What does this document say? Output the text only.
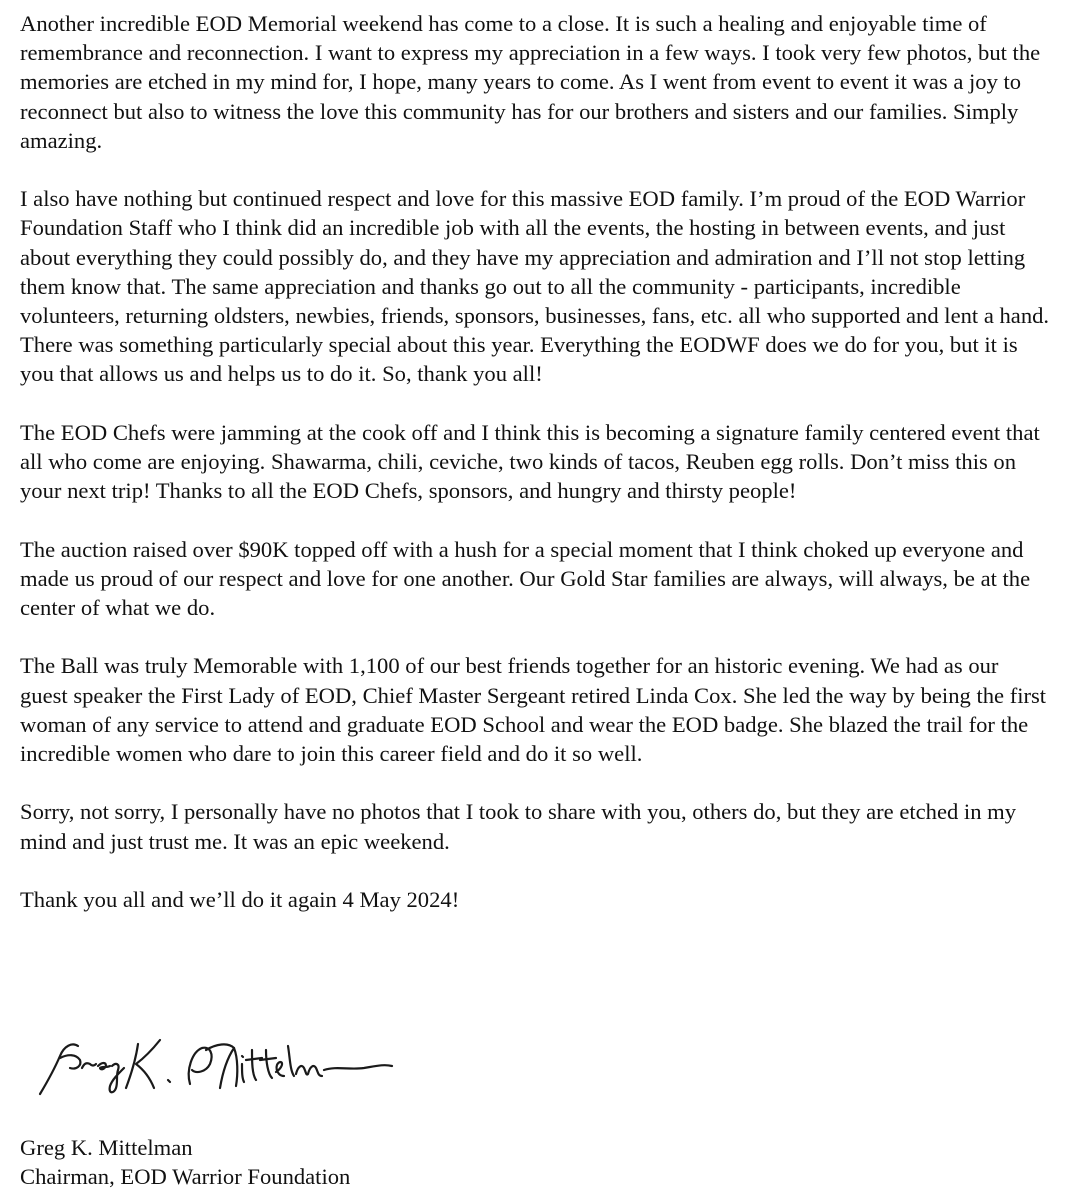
Another incredible EOD Memorial weekend has come to a close. It is such a healing and enjoyable time of remembrance and reconnection. I want to express my appreciation in a few ways. I took very few photos, but the memories are etched in my mind for, I hope, many years to come. As I went from event to event it was a joy to reconnect but also to witness the love this community has for our brothers and sisters and our families. Simply amazing.

I also have nothing but continued respect and love for this massive EOD family. I’m proud of the EOD Warrior Foundation Staff who I think did an incredible job with all the events, the hosting in between events, and just about everything they could possibly do, and they have my appreciation and admiration and I’ll not stop letting them know that. The same appreciation and thanks go out to all the community - participants, incredible volunteers, returning oldsters, newbies, friends, sponsors, businesses, fans, etc. all who supported and lent a hand. There was something particularly special about this year. Everything the EODWF does we do for you, but it is you that allows us and helps us to do it. So, thank you all!

The EOD Chefs were jamming at the cook off and I think this is becoming a signature family centered event that all who come are enjoying. Shawarma, chili, ceviche, two kinds of tacos, Reuben egg rolls. Don’t miss this on your next trip! Thanks to all the EOD Chefs, sponsors, and hungry and thirsty people!

The auction raised over $90K topped off with a hush for a special moment that I think choked up everyone and made us proud of our respect and love for one another. Our Gold Star families are always, will always, be at the center of what we do.

The Ball was truly Memorable with 1,100 of our best friends together for an historic evening. We had as our guest speaker the First Lady of EOD, Chief Master Sergeant retired Linda Cox. She led the way by being the first woman of any service to attend and graduate EOD School and wear the EOD badge. She blazed the trail for the incredible women who dare to join this career field and do it so well.

Sorry, not sorry, I personally have no photos that I took to share with you, others do, but they are etched in my mind and just trust me. It was an epic weekend.

Thank you all and we’ll do it again 4 May 2024!

Greg K. Mittelman
Chairman, EOD Warrior Foundation
